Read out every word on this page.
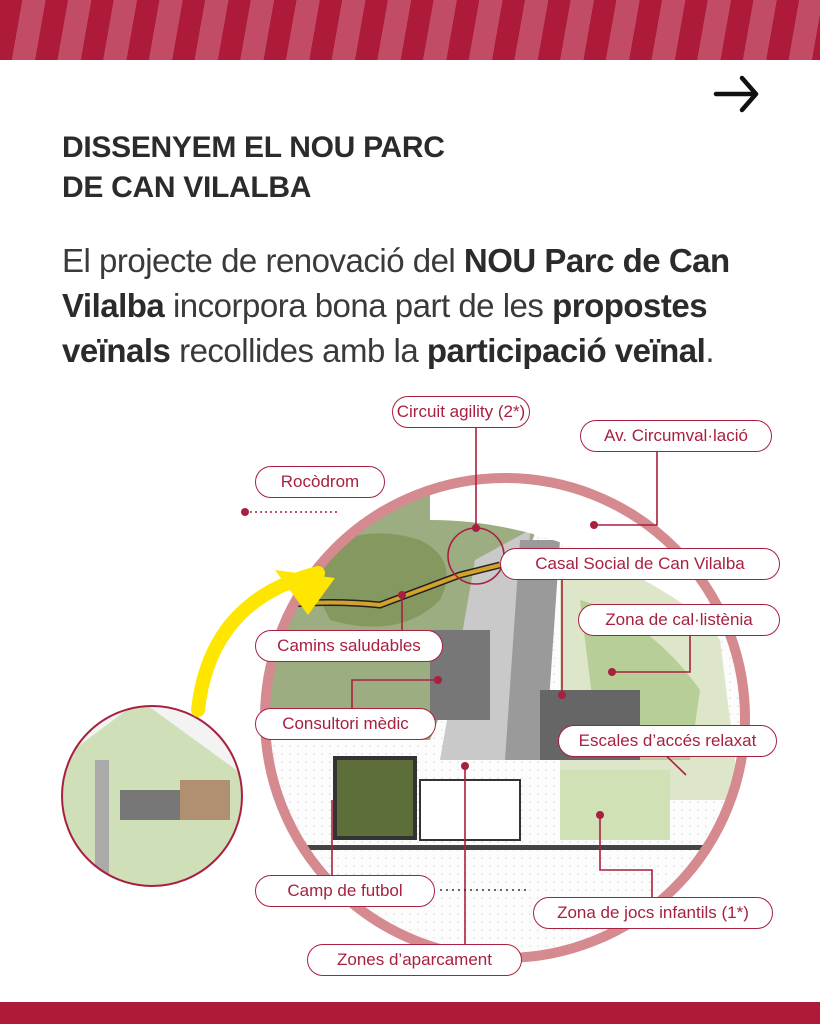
DISSENYEM EL NOU PARC
DE CAN VILALBA
El projecte de renovació del NOU Parc de Can Vilalba incorpora bona part de les propostes veïnals recollides amb la participació veïnal.
Circuit agility (2*)
Av. Circumval·lació
Rocòdrom
Casal Social de Can Vilalba
Zona de cal·listènia
Camins saludables
Consultori mèdic
Escales d’accés relaxat
Camp de futbol
Zona de jocs infantils (1*)
Zones d’aparcament
